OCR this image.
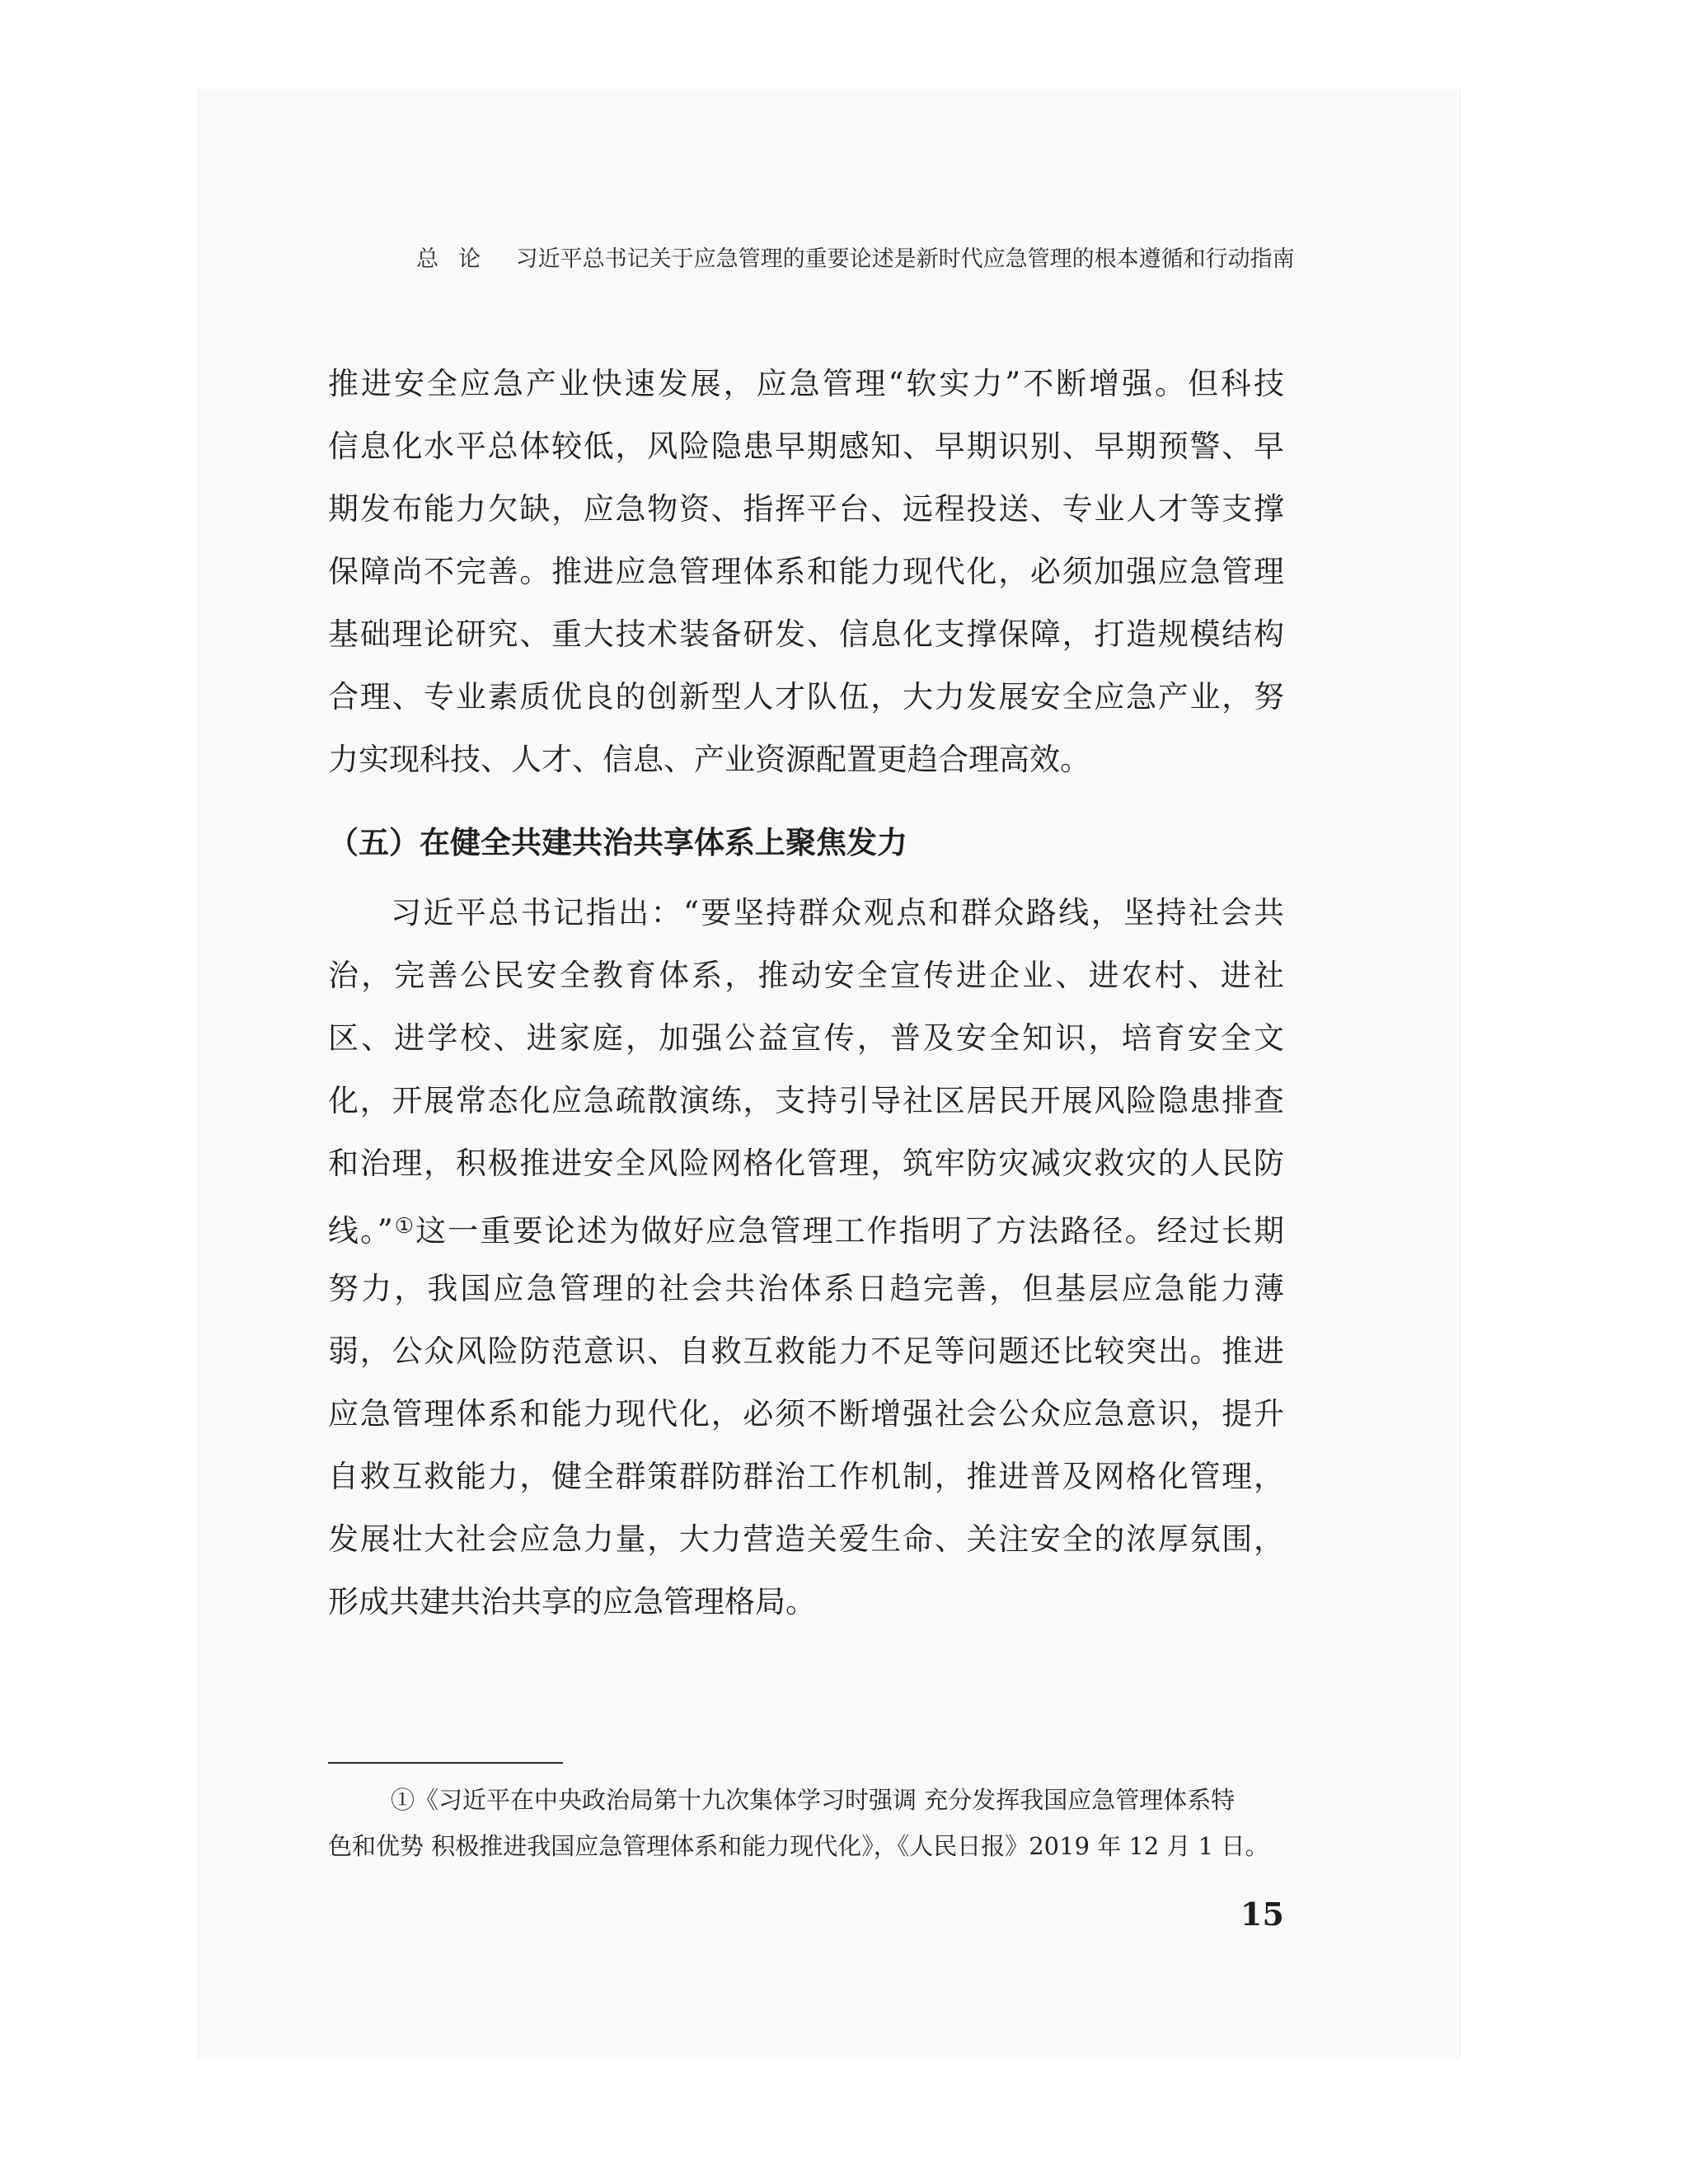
总论 习近平总书记关于应急管理的重要论述是新时代应急管理的根本遵循和行动指南
推进安全应急产业快速发展，应急管理“软实力”不断增强。但科技
信息化水平总体较低，风险隐患早期感知、早期识别、早期预警、早
期发布能力欠缺，应急物资、指挥平台、远程投送、专业人才等支撑
保障尚不完善。推进应急管理体系和能力现代化，必须加强应急管理
基础理论研究、重大技术装备研发、信息化支撑保障，打造规模结构
合理、专业素质优良的创新型人才队伍，大力发展安全应急产业，努
力实现科技、人才、信息、产业资源配置更趋合理高效。
（五）在健全共建共治共享体系上聚焦发力
习近平总书记指出：“要坚持群众观点和群众路线，坚持社会共
治，完善公民安全教育体系，推动安全宣传进企业、进农村、进社
区、进学校、进家庭，加强公益宣传，普及安全知识，培育安全文
化，开展常态化应急疏散演练，支持引导社区居民开展风险隐患排查
和治理，积极推进安全风险网格化管理，筑牢防灾减灾救灾的人民防
线。”①这一重要论述为做好应急管理工作指明了方法路径。经过长期
努力，我国应急管理的社会共治体系日趋完善，但基层应急能力薄
弱，公众风险防范意识、自救互救能力不足等问题还比较突出。推进
应急管理体系和能力现代化，必须不断增强社会公众应急意识，提升
自救互救能力，健全群策群防群治工作机制，推进普及网格化管理，
发展壮大社会应急力量，大力营造关爱生命、关注安全的浓厚氛围，
形成共建共治共享的应急管理格局。
①《习近平在中央政治局第十九次集体学习时强调 充分发挥我国应急管理体系特
色和优势 积极推进我国应急管理体系和能力现代化》，《人民日报》2019 年 12 月 1 日。
15
